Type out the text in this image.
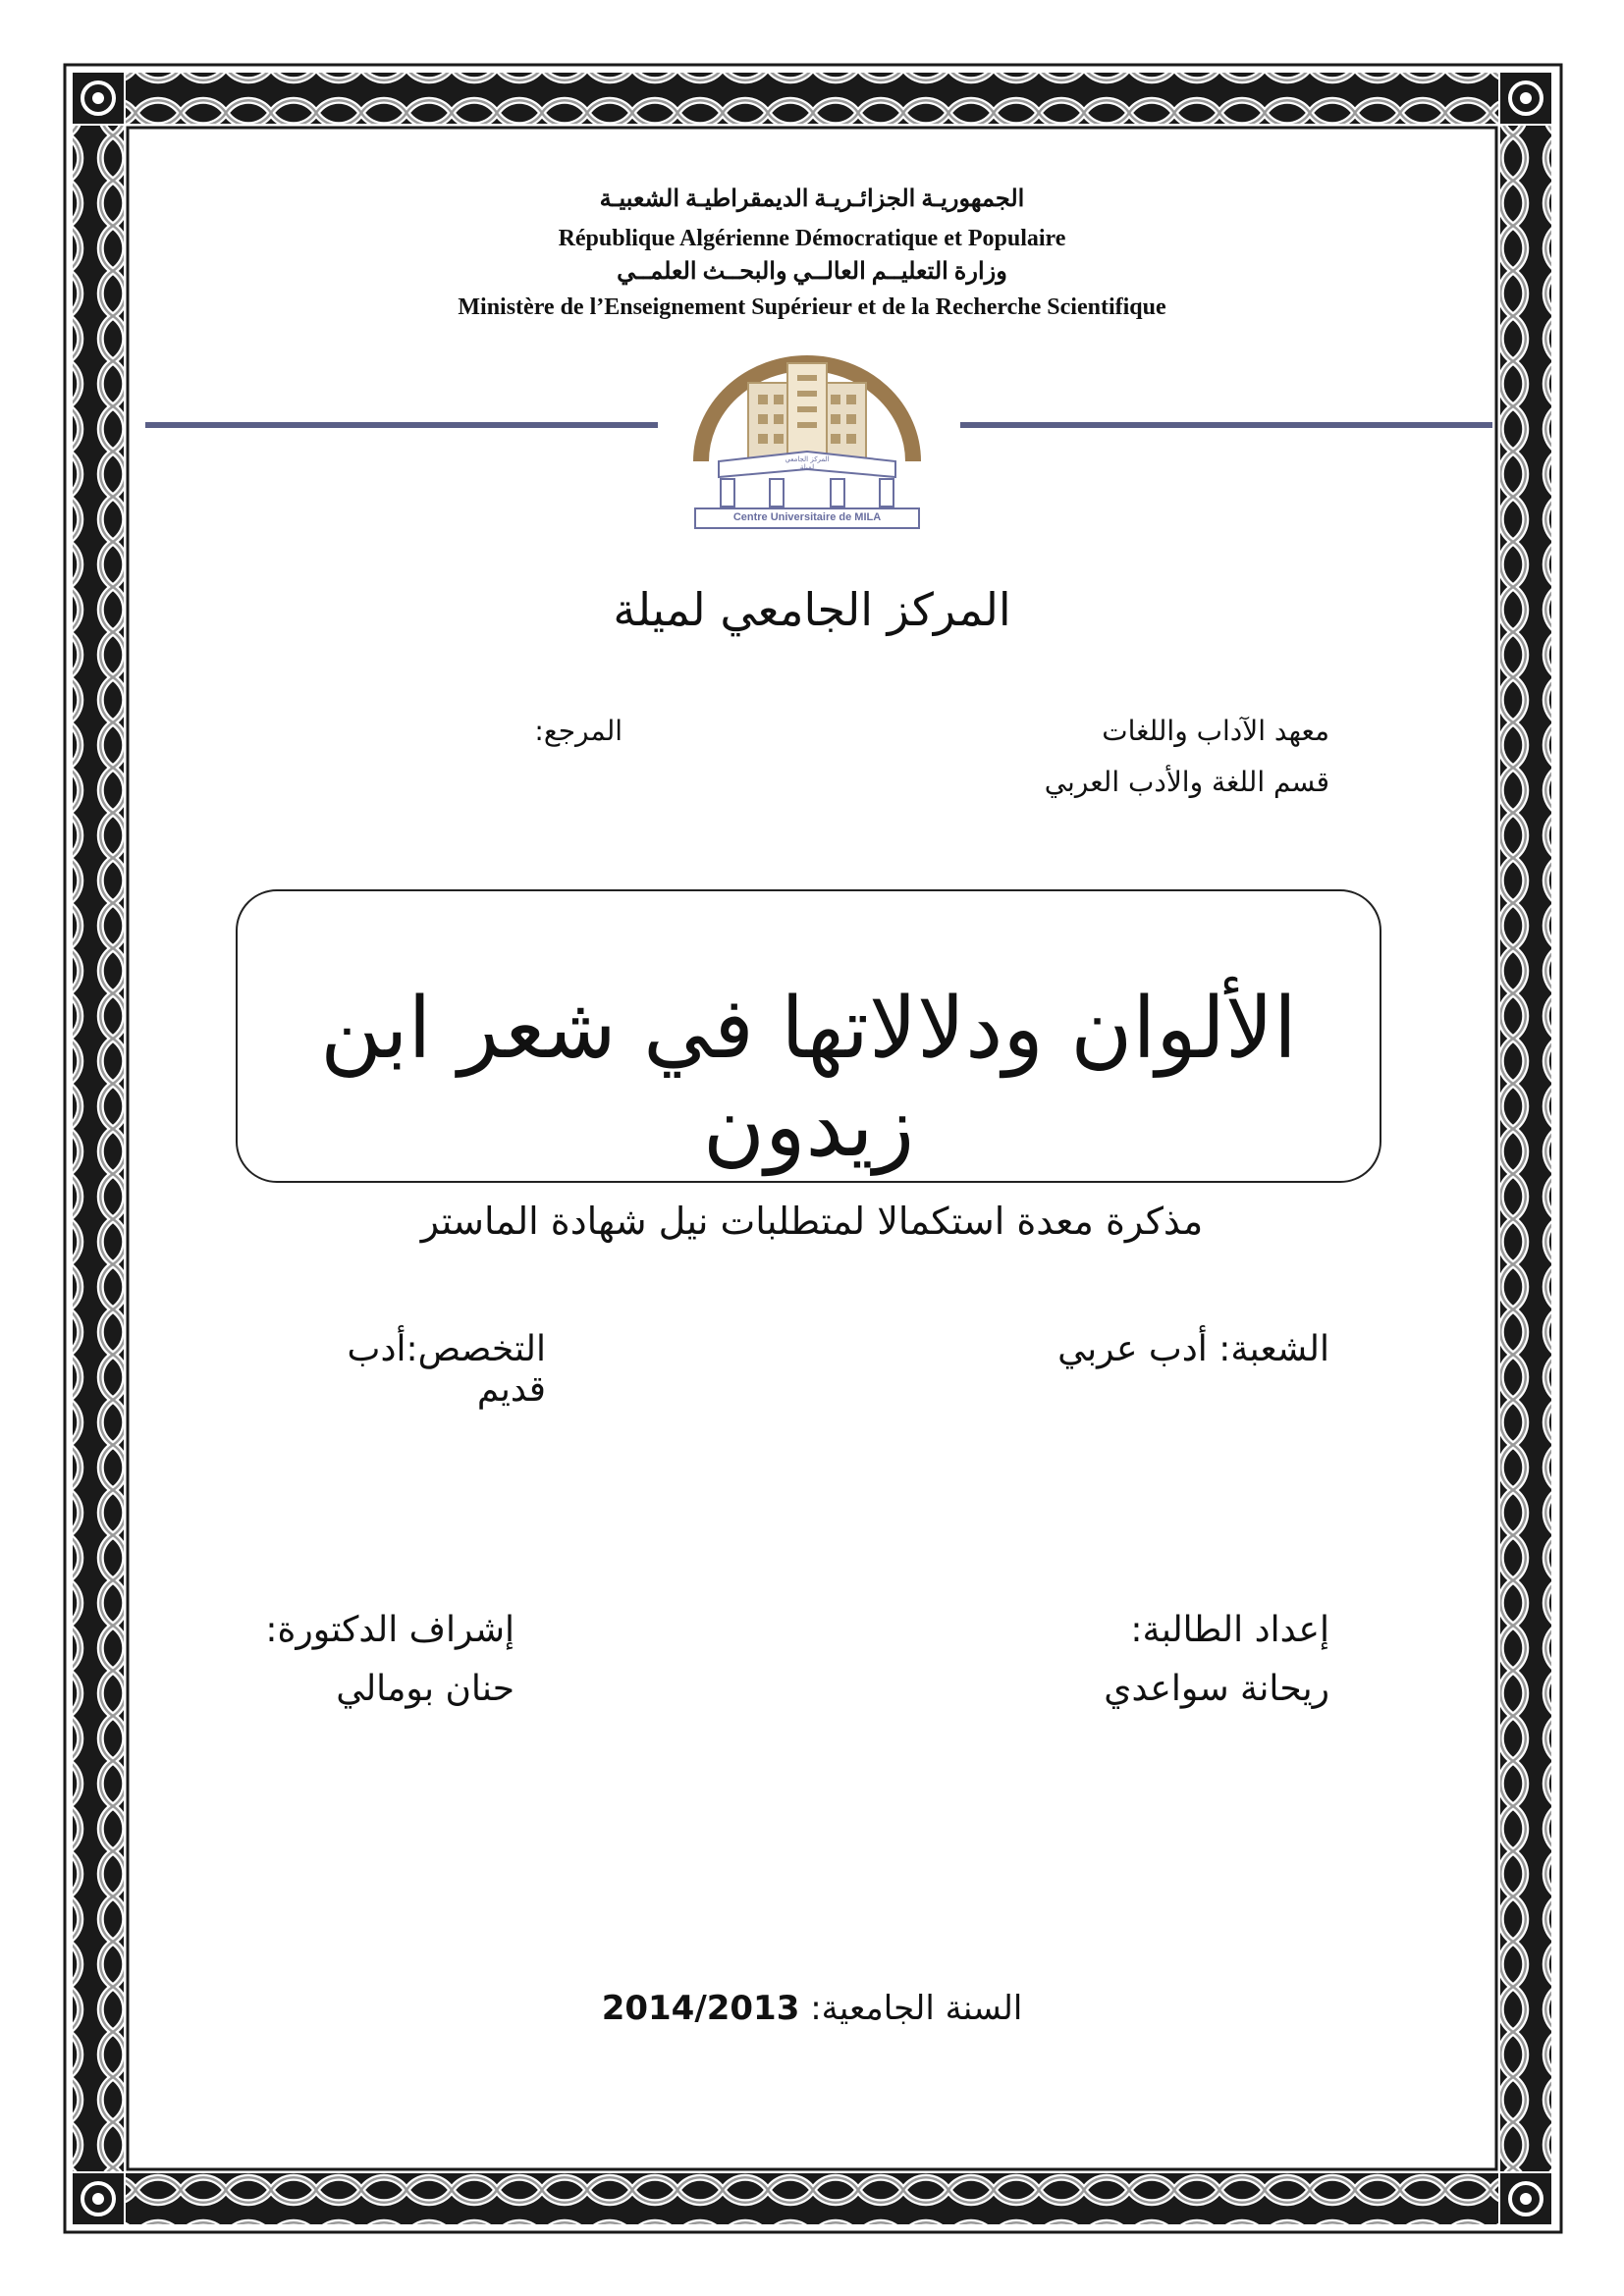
الجمهوريـة الجزائـريـة الديمقراطيـة الشعبيـة
République Algérienne Démocratique et Populaire
وزارة التعليــم العالــي والبحــث العلمــي
Ministère de l’Enseignement Supérieur et de la Recherche Scientifique
المركز الجامعي لميلة
Centre Universitaire de MILA
المركز الجامعي لميلة
معهد الآداب واللغات
قسم اللغة والأدب العربي
المرجع:
الألوان ودلالاتها في شعر ابن زيدون
مذكرة معدة استكمالا لمتطلبات نيل شهادة الماستر
الشعبة: أدب عربي
التخصص:أدب قديم
إعداد الطالبة:
ريحانة سواعدي
إشراف الدكتورة:
حنان بومالي
السنة الجامعية: 2014/2013
